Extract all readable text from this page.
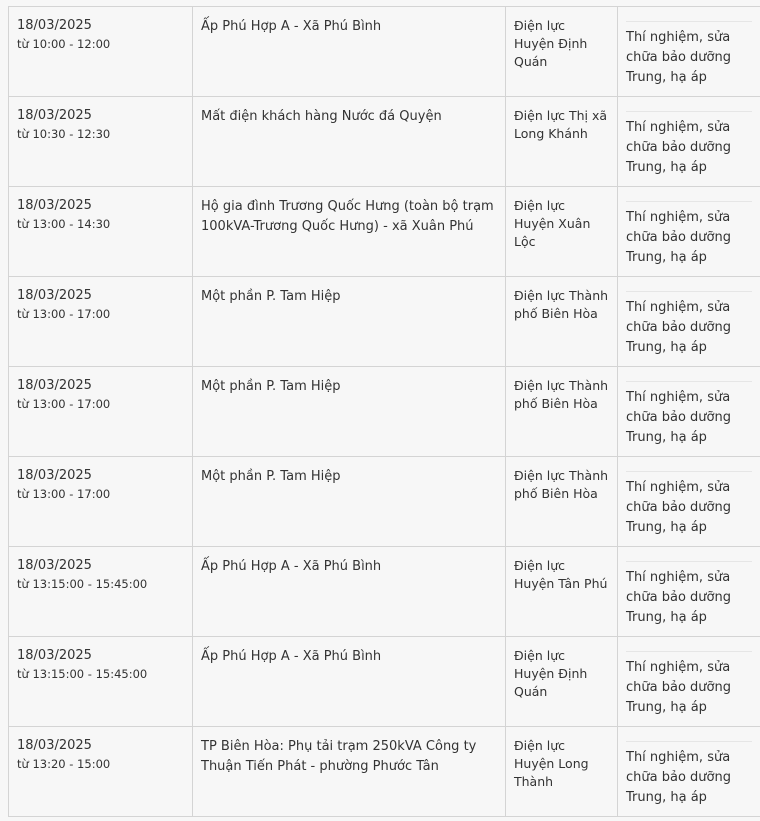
18/03/2025
từ 10:00 - 12:00	Ấp Phú Hợp A - Xã Phú Bình	Điện lực Huyện Định Quán	Thí nghiệm, sửa chữa bảo dưỡng Trung, hạ áp

18/03/2025
từ 10:30 - 12:30	Mất điện khách hàng Nước đá Quyện	Điện lực Thị xã Long Khánh	Thí nghiệm, sửa chữa bảo dưỡng Trung, hạ áp

18/03/2025
từ 13:00 - 14:30	Hộ gia đình Trương Quốc Hưng (toàn bộ trạm 100kVA-Trương Quốc Hưng) - xã Xuân Phú	Điện lực Huyện Xuân Lộc	Thí nghiệm, sửa chữa bảo dưỡng Trung, hạ áp

18/03/2025
từ 13:00 - 17:00	Một phần P. Tam Hiệp	Điện lực Thành phố Biên Hòa	Thí nghiệm, sửa chữa bảo dưỡng Trung, hạ áp

18/03/2025
từ 13:00 - 17:00	Một phần P. Tam Hiệp	Điện lực Thành phố Biên Hòa	Thí nghiệm, sửa chữa bảo dưỡng Trung, hạ áp

18/03/2025
từ 13:00 - 17:00	Một phần P. Tam Hiệp	Điện lực Thành phố Biên Hòa	Thí nghiệm, sửa chữa bảo dưỡng Trung, hạ áp

18/03/2025
từ 13:15:00 - 15:45:00	Ấp Phú Hợp A - Xã Phú Bình	Điện lực Huyện Tân Phú	Thí nghiệm, sửa chữa bảo dưỡng Trung, hạ áp

18/03/2025
từ 13:15:00 - 15:45:00	Ấp Phú Hợp A - Xã Phú Bình	Điện lực Huyện Định Quán	Thí nghiệm, sửa chữa bảo dưỡng Trung, hạ áp

18/03/2025
từ 13:20 - 15:00	TP Biên Hòa: Phụ tải trạm 250kVA Công ty Thuận Tiến Phát - phường Phước Tân	Điện lực Huyện Long Thành	Thí nghiệm, sửa chữa bảo dưỡng Trung, hạ áp
